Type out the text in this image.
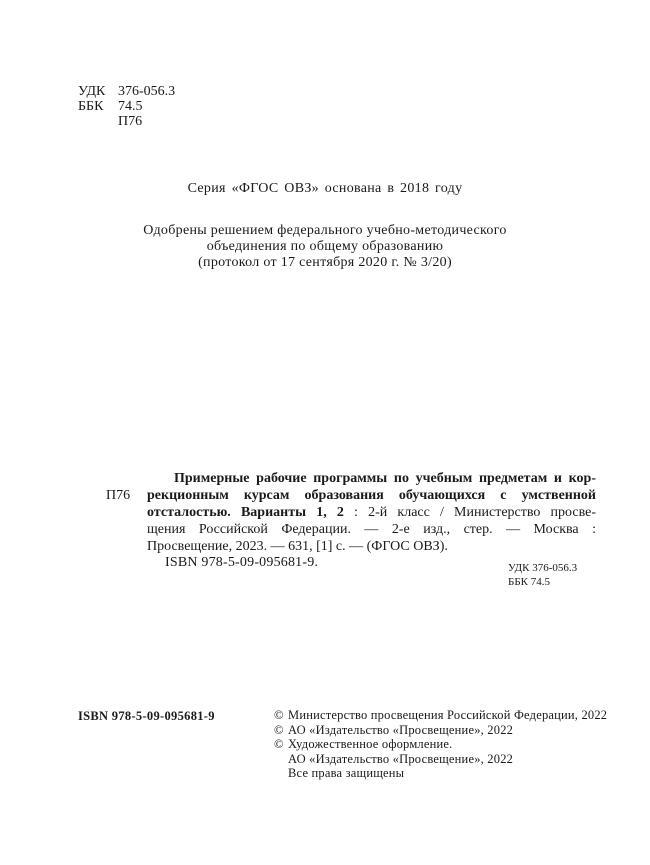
УДК 376-056.3
ББК	74.5
П76
Серия «ФГОС ОВЗ» основана в 2018 году
Одобрены решением федерального учебно-методического
объединения по общему образованию
(протокол от 17 сентября 2020 г. № 3/20)
П76
Примерные рабочие программы по учебным предметам и кор-
рекционным курсам образования обучающихся с умственной
отсталостью. Варианты 1, 2 : 2-й класс / Министерство просве-
щения Российской Федерации. — 2-е изд., стер. — Москва :
Просвещение, 2023. — 631, [1] с. — (ФГОС ОВЗ).
ISBN 978-5-09-095681-9.	УДК 376-056.3
ББК 74.5
ISBN 978-5-09-095681-9	© Министерство просвещения Российской Федерации, 2022
© АО «Издательство «Просвещение», 2022
© Художественное оформление.
АО «Издательство «Просвещение», 2022
Все права защищены
